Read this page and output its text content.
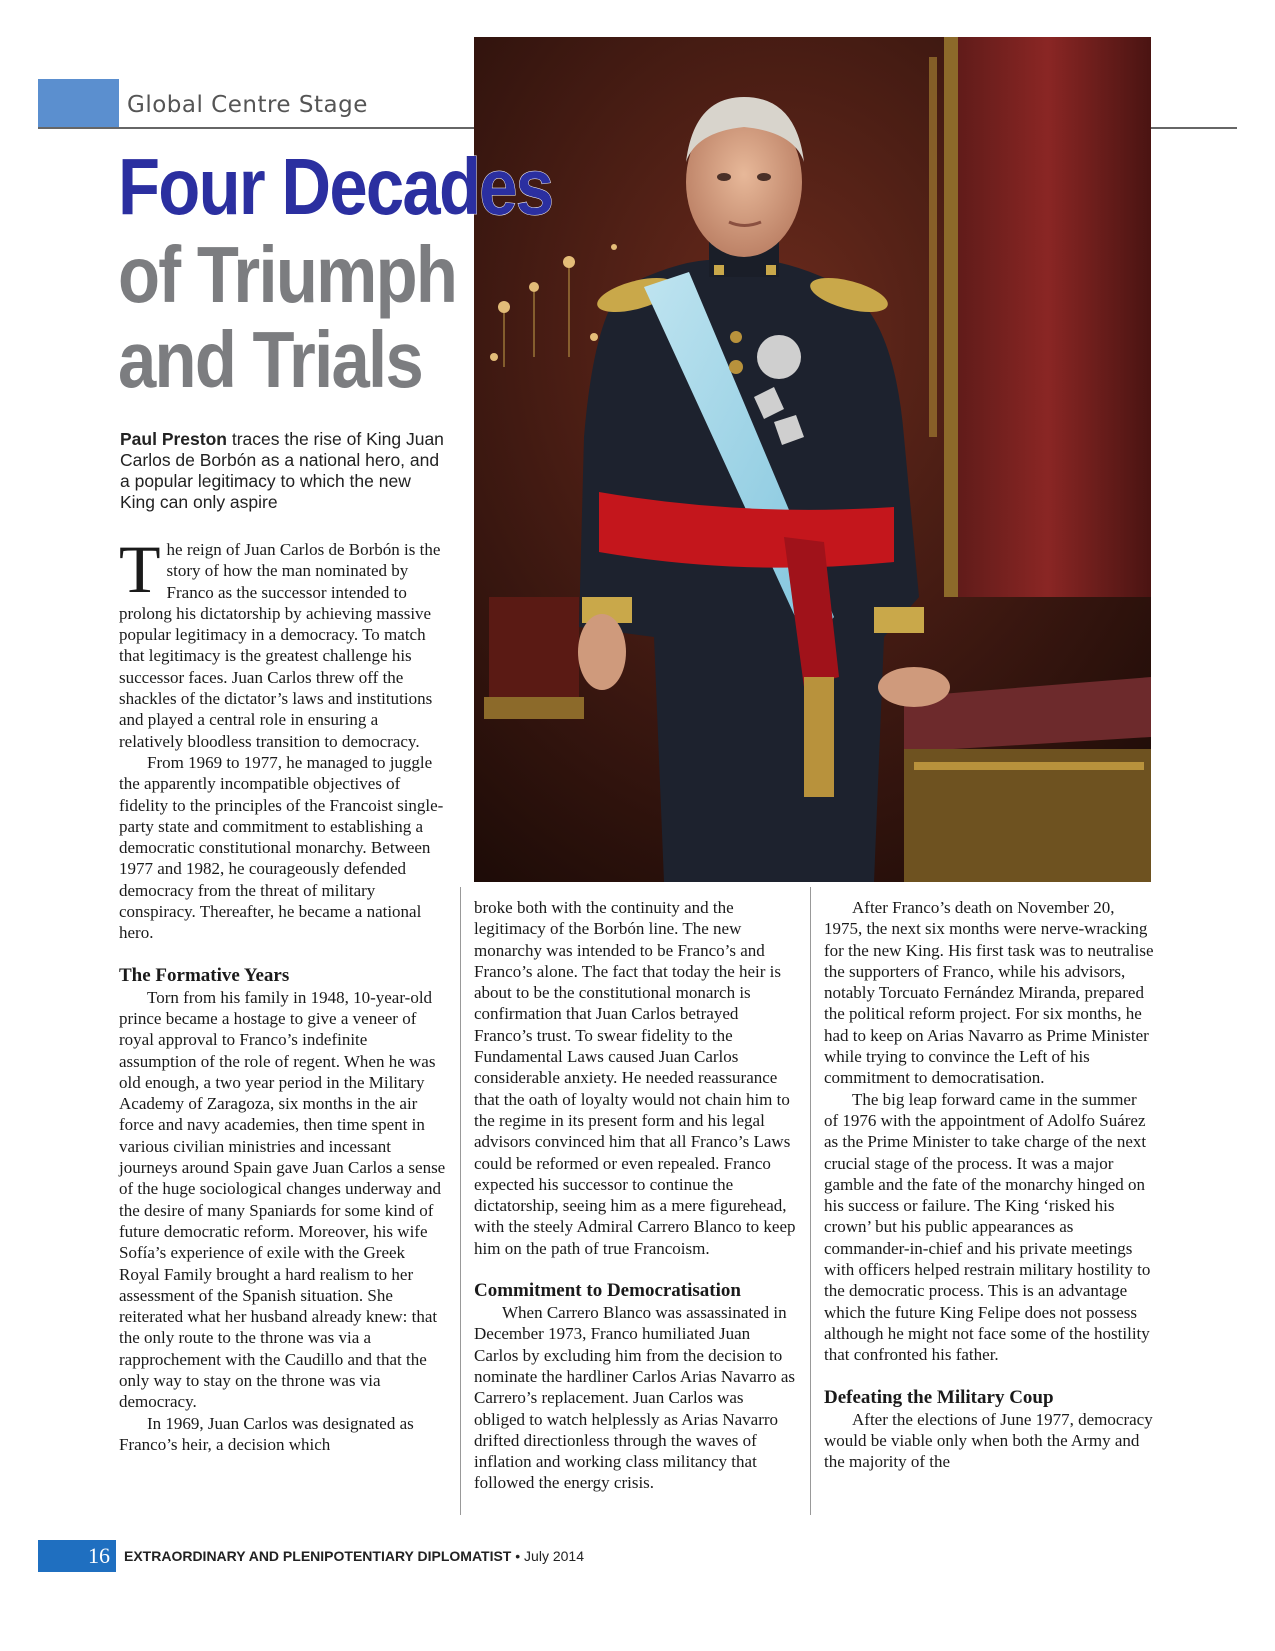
Global Centre Stage
Four Decades
of Triumph
and Trials
Paul Preston traces the rise of King Juan Carlos de Borbón as a national hero, and a popular legitimacy to which the new King can only aspire

The reign of Juan Carlos de Borbón is the story of how the man nominated by Franco as the successor intended to prolong his dictatorship by achieving massive popular legitimacy in a democracy. To match that legitimacy is the greatest challenge his successor faces. Juan Carlos threw off the shackles of the dictator’s laws and institutions and played a central role in ensuring a relatively bloodless transition to democracy.

From 1969 to 1977, he managed to juggle the apparently incompatible objectives of fidelity to the principles of the Francoist single-party state and commitment to establishing a democratic constitutional monarchy. Between 1977 and 1982, he courageously defended democracy from the threat of military conspiracy. Thereafter, he became a national hero.

The Formative Years

Torn from his family in 1948, 10-year-old prince became a hostage to give a veneer of royal approval to Franco’s indefinite assumption of the role of regent. When he was old enough, a two year period in the Military Academy of Zaragoza, six months in the air force and navy academies, then time spent in various civilian ministries and incessant journeys around Spain gave Juan Carlos a sense of the huge sociological changes underway and the desire of many Spaniards for some kind of future democratic reform. Moreover, his wife Sofía’s experience of exile with the Greek Royal Family brought a hard realism to her assessment of the Spanish situation. She reiterated what her husband already knew: that the only route to the throne was via a rapprochement with the Caudillo and that the only way to stay on the throne was via democracy.

In 1969, Juan Carlos was designated as Franco’s heir, a decision which

broke both with the continuity and the legitimacy of the Borbón line. The new monarchy was intended to be Franco’s and Franco’s alone. The fact that today the heir is about to be the constitutional monarch is confirmation that Juan Carlos betrayed Franco’s trust. To swear fidelity to the Fundamental Laws caused Juan Carlos considerable anxiety. He needed reassurance that the oath of loyalty would not chain him to the regime in its present form and his legal advisors convinced him that all Franco’s Laws could be reformed or even repealed. Franco expected his successor to continue the dictatorship, seeing him as a mere figurehead, with the steely Admiral Carrero Blanco to keep him on the path of true Francoism.

Commitment to Democratisation

When Carrero Blanco was assassinated in December 1973, Franco humiliated Juan Carlos by excluding him from the decision to nominate the hardliner Carlos Arias Navarro as Carrero’s replacement. Juan Carlos was obliged to watch helplessly as Arias Navarro drifted directionless through the waves of inflation and working class militancy that followed the energy crisis.

After Franco’s death on November 20, 1975, the next six months were nerve-wracking for the new King. His first task was to neutralise the supporters of Franco, while his advisors, notably Torcuato Fernández Miranda, prepared the political reform project. For six months, he had to keep on Arias Navarro as Prime Minister while trying to convince the Left of his commitment to democratisation.

The big leap forward came in the summer of 1976 with the appointment of Adolfo Suárez as the Prime Minister to take charge of the next crucial stage of the process. It was a major gamble and the fate of the monarchy hinged on his success or failure. The King ‘risked his crown’ but his public appearances as commander-in-chief and his private meetings with officers helped restrain military hostility to the democratic process. This is an advantage which the future King Felipe does not possess although he might not face some of the hostility that confronted his father.

Defeating the Military Coup

After the elections of June 1977, democracy would be viable only when both the Army and the majority of the

16 EXTRAORDINARY AND PLENIPOTENTIARY DIPLOMATIST • July 2014
